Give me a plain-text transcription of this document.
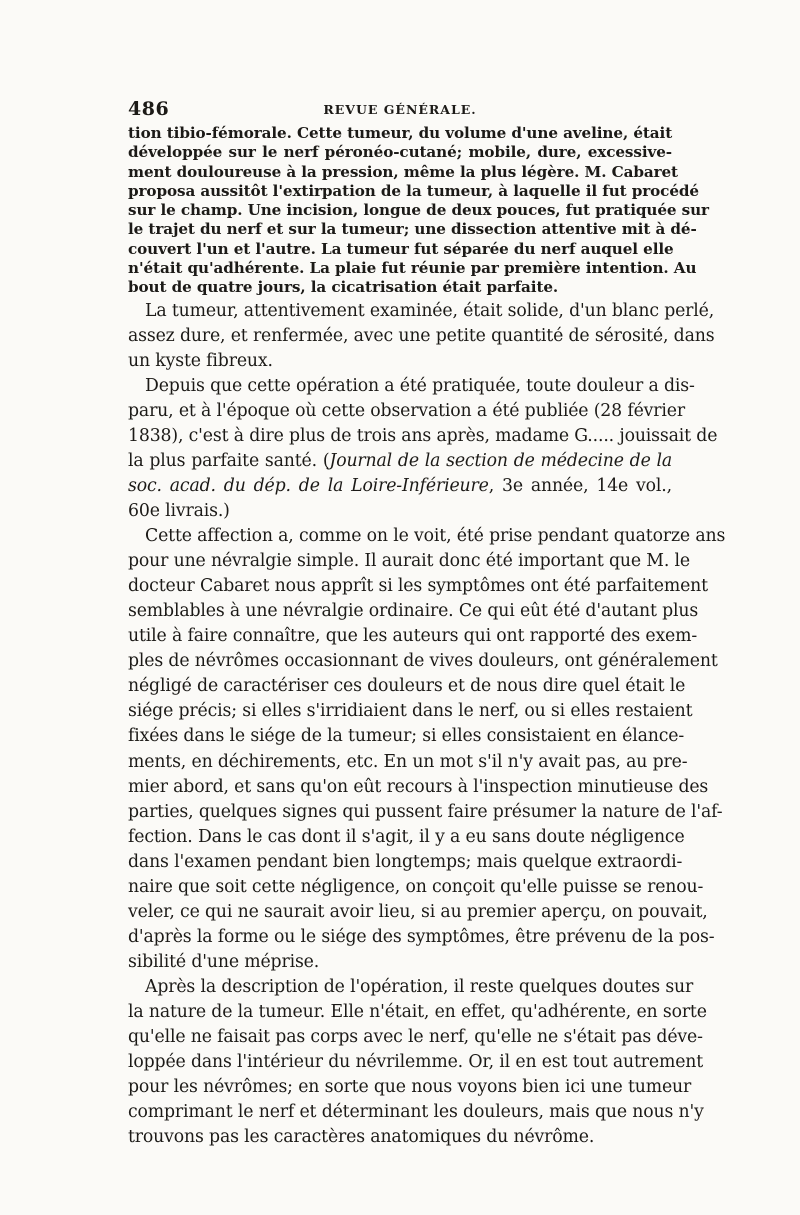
486	REVUE GÉNÉRALE.
tion tibio-fémorale. Cette tumeur, du volume d'une aveline, était
développée sur le nerf péronéo-cutané; mobile, dure, excessive-
ment douloureuse à la pression, même la plus légère. M. Cabaret
proposa aussitôt l'extirpation de la tumeur, à laquelle il fut procédé
sur le champ. Une incision, longue de deux pouces, fut pratiquée sur
le trajet du nerf et sur la tumeur; une dissection attentive mit à dé-
couvert l'un et l'autre. La tumeur fut séparée du nerf auquel elle
n'était qu'adhérente. La plaie fut réunie par première intention. Au
bout de quatre jours, la cicatrisation était parfaite.
La tumeur, attentivement examinée, était solide, d'un blanc perlé,
assez dure, et renfermée, avec une petite quantité de sérosité, dans
un kyste fibreux.
Depuis que cette opération a été pratiquée, toute douleur a dis-
paru, et à l'époque où cette observation a été publiée (28 février
1838), c'est à dire plus de trois ans après, madame G..... jouissait de
la plus parfaite santé. (Journal de la section de médecine de la
soc. acad. du dép. de la Loire-Inférieure, 3e année, 14e vol.,
60e livrais.)
Cette affection a, comme on le voit, été prise pendant quatorze ans
pour une névralgie simple. Il aurait donc été important que M. le
docteur Cabaret nous apprît si les symptômes ont été parfaitement
semblables à une névralgie ordinaire. Ce qui eût été d'autant plus
utile à faire connaître, que les auteurs qui ont rapporté des exem-
ples de névrômes occasionnant de vives douleurs, ont généralement
négligé de caractériser ces douleurs et de nous dire quel était le
siége précis; si elles s'irridiaient dans le nerf, ou si elles restaient
fixées dans le siége de la tumeur; si elles consistaient en élance-
ments, en déchirements, etc. En un mot s'il n'y avait pas, au pre-
mier abord, et sans qu'on eût recours à l'inspection minutieuse des
parties, quelques signes qui pussent faire présumer la nature de l'af-
fection. Dans le cas dont il s'agit, il y a eu sans doute négligence
dans l'examen pendant bien longtemps; mais quelque extraordi-
naire que soit cette négligence, on conçoit qu'elle puisse se renou-
veler, ce qui ne saurait avoir lieu, si au premier aperçu, on pouvait,
d'après la forme ou le siége des symptômes, être prévenu de la pos-
sibilité d'une méprise.
Après la description de l'opération, il reste quelques doutes sur
la nature de la tumeur. Elle n'était, en effet, qu'adhérente, en sorte
qu'elle ne faisait pas corps avec le nerf, qu'elle ne s'était pas déve-
loppée dans l'intérieur du névrilemme. Or, il en est tout autrement
pour les névrômes; en sorte que nous voyons bien ici une tumeur
comprimant le nerf et déterminant les douleurs, mais que nous n'y
trouvons pas les caractères anatomiques du névrôme.
